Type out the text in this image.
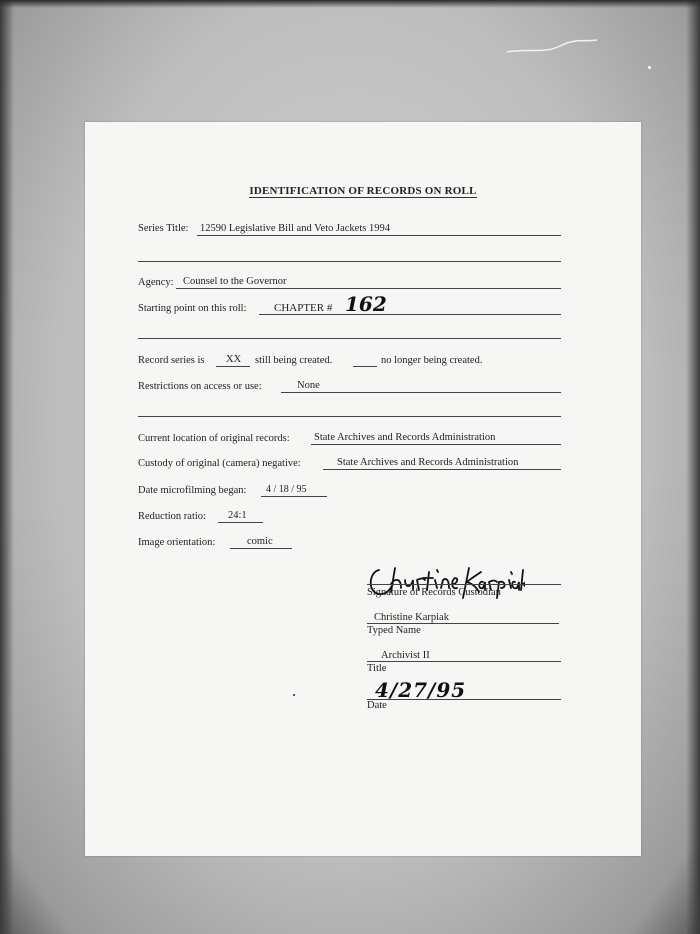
IDENTIFICATION OF RECORDS ON ROLL
Series Title: 12590 Legislative Bill and Veto Jackets 1994
Agency: Counsel to the Governor
Starting point on this roll: CHAPTER # 162
Record series is XX still being created.	no longer being created.
Restrictions on access or use:	None
Current location of original records: State Archives and Records Administration
Custody of original (camera) negative:	State Archives and Records Administration
Date microfilming began: 4 / 18 / 95
Reduction ratio: 24:1
Image orientation:	comic
Signature of Records Custodian
Christine Karpiak
Typed Name
Archivist II
Title
4/27/95
Date
